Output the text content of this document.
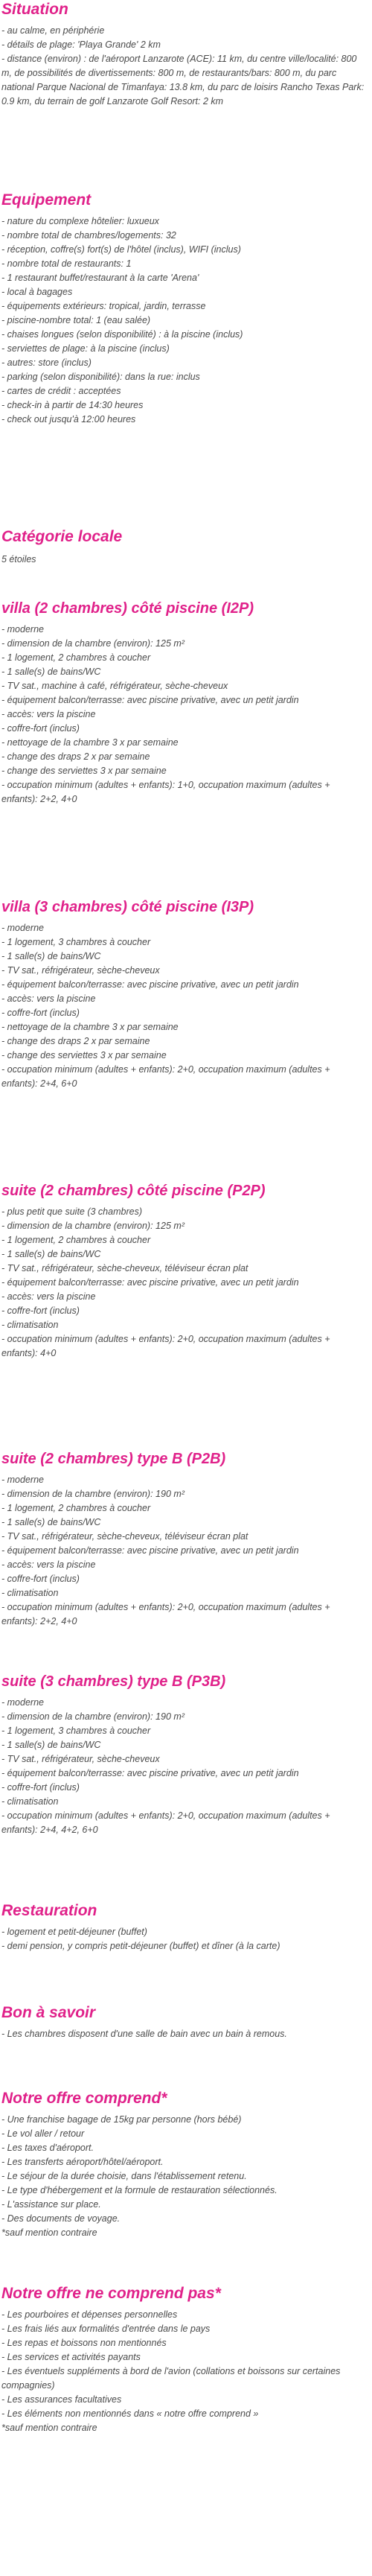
Situation
- au calme, en périphérie
- détails de plage: 'Playa Grande' 2 km
- distance (environ) : de l'aéroport Lanzarote (ACE): 11 km, du centre ville/localité: 800 m, de possibilités de divertissements: 800 m, de restaurants/bars: 800 m, du parc national Parque Nacional de Timanfaya: 13.8 km, du parc de loisirs Rancho Texas Park: 0.9 km, du terrain de golf Lanzarote Golf Resort: 2 km
Equipement
- nature du complexe hôtelier: luxueux
- nombre total de chambres/logements: 32
- réception, coffre(s) fort(s) de l'hôtel (inclus), WIFI (inclus)
- nombre total de restaurants: 1
- 1 restaurant buffet/restaurant à la carte 'Arena'
- local à bagages
- équipements extérieurs: tropical, jardin, terrasse
- piscine-nombre total: 1 (eau salée)
- chaises longues (selon disponibilité) : à la piscine (inclus)
- serviettes de plage: à la piscine (inclus)
- autres: store (inclus)
- parking (selon disponibilité): dans la rue: inclus
- cartes de crédit : acceptées
- check-in à partir de 14:30 heures
- check out jusqu'à 12:00 heures
Catégorie locale
5 étoiles
villa (2 chambres) côté piscine (I2P)
- moderne
- dimension de la chambre (environ): 125 m²
- 1 logement, 2 chambres à coucher
- 1 salle(s) de bains/WC
- TV sat., machine à café, réfrigérateur, sèche-cheveux
- équipement balcon/terrasse: avec piscine privative, avec un petit jardin
- accès: vers la piscine
- coffre-fort (inclus)
- nettoyage de la chambre 3 x par semaine
- change des draps 2 x par semaine
- change des serviettes 3 x par semaine
- occupation minimum (adultes + enfants): 1+0, occupation maximum (adultes + enfants): 2+2, 4+0
villa (3 chambres) côté piscine (I3P)
- moderne
- 1 logement, 3 chambres à coucher
- 1 salle(s) de bains/WC
- TV sat., réfrigérateur, sèche-cheveux
- équipement balcon/terrasse: avec piscine privative, avec un petit jardin
- accès: vers la piscine
- coffre-fort (inclus)
- nettoyage de la chambre 3 x par semaine
- change des draps 2 x par semaine
- change des serviettes 3 x par semaine
- occupation minimum (adultes + enfants): 2+0, occupation maximum (adultes + enfants): 2+4, 6+0
suite (2 chambres) côté piscine (P2P)
- plus petit que suite (3 chambres)
- dimension de la chambre (environ): 125 m²
- 1 logement, 2 chambres à coucher
- 1 salle(s) de bains/WC
- TV sat., réfrigérateur, sèche-cheveux, téléviseur écran plat
- équipement balcon/terrasse: avec piscine privative, avec un petit jardin
- accès: vers la piscine
- coffre-fort (inclus)
- climatisation
- occupation minimum (adultes + enfants): 2+0, occupation maximum (adultes + enfants): 4+0
suite (2 chambres) type B (P2B)
- moderne
- dimension de la chambre (environ): 190 m²
- 1 logement, 2 chambres à coucher
- 1 salle(s) de bains/WC
- TV sat., réfrigérateur, sèche-cheveux, téléviseur écran plat
- équipement balcon/terrasse: avec piscine privative, avec un petit jardin
- accès: vers la piscine
- coffre-fort (inclus)
- climatisation
- occupation minimum (adultes + enfants): 2+0, occupation maximum (adultes + enfants): 2+2, 4+0
suite (3 chambres) type B (P3B)
- moderne
- dimension de la chambre (environ): 190 m²
- 1 logement, 3 chambres à coucher
- 1 salle(s) de bains/WC
- TV sat., réfrigérateur, sèche-cheveux
- équipement balcon/terrasse: avec piscine privative, avec un petit jardin
- coffre-fort (inclus)
- climatisation
- occupation minimum (adultes + enfants): 2+0, occupation maximum (adultes + enfants): 2+4, 4+2, 6+0
Restauration
- logement et petit-déjeuner (buffet)
- demi pension, y compris petit-déjeuner (buffet) et dîner (à la carte)
Bon à savoir
- Les chambres disposent d'une salle de bain avec un bain à remous.
Notre offre comprend*
- Une franchise bagage de 15kg par personne (hors bébé)
- Le vol aller / retour
- Les taxes d'aéroport.
- Les transferts aéroport/hôtel/aéroport.
- Le séjour de la durée choisie, dans l'établissement retenu.
- Le type d'hébergement et la formule de restauration sélectionnés.
- L'assistance sur place.
- Des documents de voyage.
*sauf mention contraire
Notre offre ne comprend pas*
- Les pourboires et dépenses personnelles
- Les frais liés aux formalités d'entrée dans le pays
- Les repas et boissons non mentionnés
- Les services et activités payants
- Les éventuels suppléments à bord de l'avion (collations et boissons sur certaines compagnies)
- Les assurances facultatives
- Les éléments non mentionnés dans « notre offre comprend »
*sauf mention contraire
